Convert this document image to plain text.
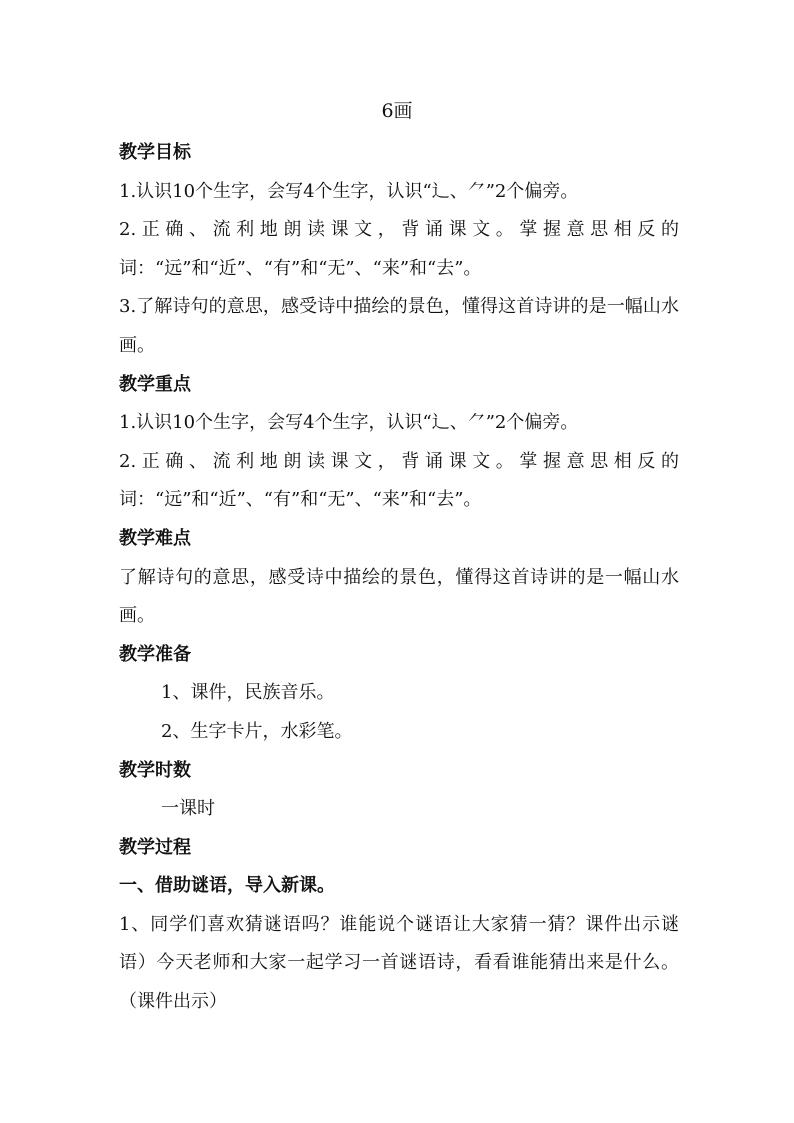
6画
教学目标

1.认识10个生字，会写4个生字，认识“辶、⺈”2个偏旁。

2.正确、流利地朗读课文，背诵课文。掌握意思相反的词：“远”和“近”、“有”和“无”、“来”和“去”。

3.了解诗句的意思，感受诗中描绘的景色，懂得这首诗讲的是一幅山水画。

教学重点

1.认识10个生字，会写4个生字，认识“辶、⺈”2个偏旁。

2.正确、流利地朗读课文，背诵课文。掌握意思相反的词：“远”和“近”、“有”和“无”、“来”和“去”。

教学难点

了解诗句的意思，感受诗中描绘的景色，懂得这首诗讲的是一幅山水画。

教学准备

1、课件，民族音乐。

2、生字卡片，水彩笔。

教学时数

一课时

教学过程
一、借助谜语，导入新课。

1、同学们喜欢猜谜语吗？谁能说个谜语让大家猜一猜？课件出示谜语）今天老师和大家一起学习一首谜语诗，看看谁能猜出来是什么。（课件出示）
